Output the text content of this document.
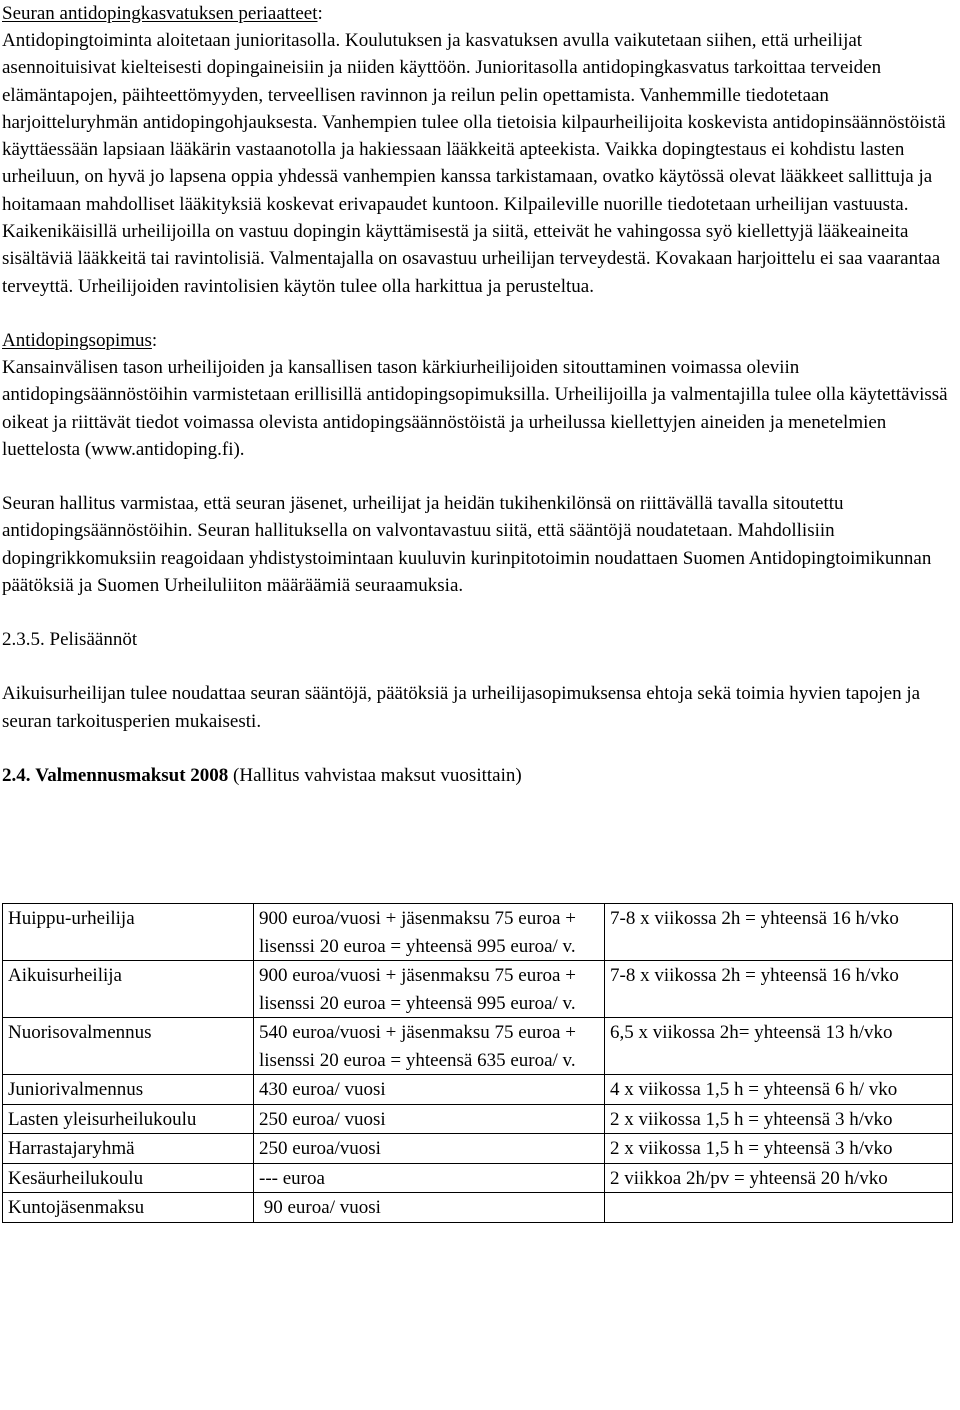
Seuran antidopingkasvatuksen periaatteet:

Antidopingtoiminta aloitetaan junioritasolla. Koulutuksen ja kasvatuksen avulla vaikutetaan siihen, että urheilijat asennoituisivat kielteisesti dopingaineisiin ja niiden käyttöön. Junioritasolla antidopingkasvatus tarkoittaa terveiden elämäntapojen, päihteettömyyden, terveellisen ravinnon ja reilun pelin opettamista. Vanhemmille tiedotetaan harjoitteluryhmän antidopingohjauksesta. Vanhempien tulee olla tietoisia kilpaurheilijoita koskevista antidopinsäännöstöistä käyttäessään lapsiaan lääkärin vastaanotolla ja hakiessaan lääkkeitä apteekista. Vaikka dopingtestaus ei kohdistu lasten urheiluun, on hyvä jo lapsena oppia yhdessä vanhempien kanssa tarkistamaan, ovatko käytössä olevat lääkkeet sallittuja ja hoitamaan mahdolliset lääkityksiä koskevat erivapaudet kuntoon. Kilpaileville nuorille tiedotetaan urheilijan vastuusta. Kaikenikäisillä urheilijoilla on vastuu dopingin käyttämisestä ja siitä, etteivät he vahingossa syö kiellettyjä lääkeaineita sisältäviä lääkkeitä tai ravintolisiä. Valmentajalla on osavastuu urheilijan terveydestä. Kovakaan harjoittelu ei saa vaarantaa terveyttä. Urheilijoiden ravintolisien käytön tulee olla harkittua ja perusteltua.

Antidopingsopimus:

Kansainvälisen tason urheilijoiden ja kansallisen tason kärkiurheilijoiden sitouttaminen voimassa oleviin antidopingsäännöstöihin varmistetaan erillisillä antidopingsopimuksilla. Urheilijoilla ja valmentajilla tulee olla käytettävissä oikeat ja riittävät tiedot voimassa olevista antidopingsäännöstöistä ja urheilussa kiellettyjen aineiden ja menetelmien luettelosta (www.antidoping.fi).

Seuran hallitus varmistaa, että seuran jäsenet, urheilijat ja heidän tukihenkilönsä on riittävällä tavalla sitoutettu antidopingsäännöstöihin. Seuran hallituksella on valvontavastuu siitä, että sääntöjä noudatetaan. Mahdollisiin dopingrikkomuksiin reagoidaan yhdistystoimintaan kuuluvin kurinpitotoimin noudattaen Suomen Antidopingtoimikunnan päätöksiä ja Suomen Urheiluliiton määräämiä seuraamuksia.

2.3.5. Pelisäännöt

Aikuisurheilijan tulee noudattaa seuran sääntöjä, päätöksiä ja urheilijasopimuksensa ehtoja sekä toimia hyvien tapojen ja seuran tarkoitusperien mukaisesti.

2.4. Valmennusmaksut 2008 (Hallitus vahvistaa maksut vuosittain)

Huippu-urheilija	900 euroa/vuosi + jäsenmaksu 75 euroa + lisenssi 20 euroa = yhteensä 995 euroa/ v.	7-8 x viikossa 2h = yhteensä 16 h/vko
Aikuisurheilija	900 euroa/vuosi + jäsenmaksu 75 euroa + lisenssi 20 euroa = yhteensä 995 euroa/ v.	7-8 x viikossa 2h = yhteensä 16 h/vko
Nuorisovalmennus	540 euroa/vuosi + jäsenmaksu 75 euroa + lisenssi 20 euroa = yhteensä 635 euroa/ v.	6,5 x viikossa 2h= yhteensä 13 h/vko
Juniorivalmennus	430 euroa/ vuosi	4 x viikossa 1,5 h = yhteensä 6 h/ vko
Lasten yleisurheilukoulu	250 euroa/ vuosi	2 x viikossa 1,5 h = yhteensä 3 h/vko
Harrastajaryhmä	250 euroa/vuosi	2 x viikossa 1,5 h = yhteensä 3 h/vko
Kesäurheilukoulu	--- euroa	2 viikkoa 2h/pv = yhteensä 20 h/vko
Kuntojäsenmaksu	90 euroa/ vuosi	
